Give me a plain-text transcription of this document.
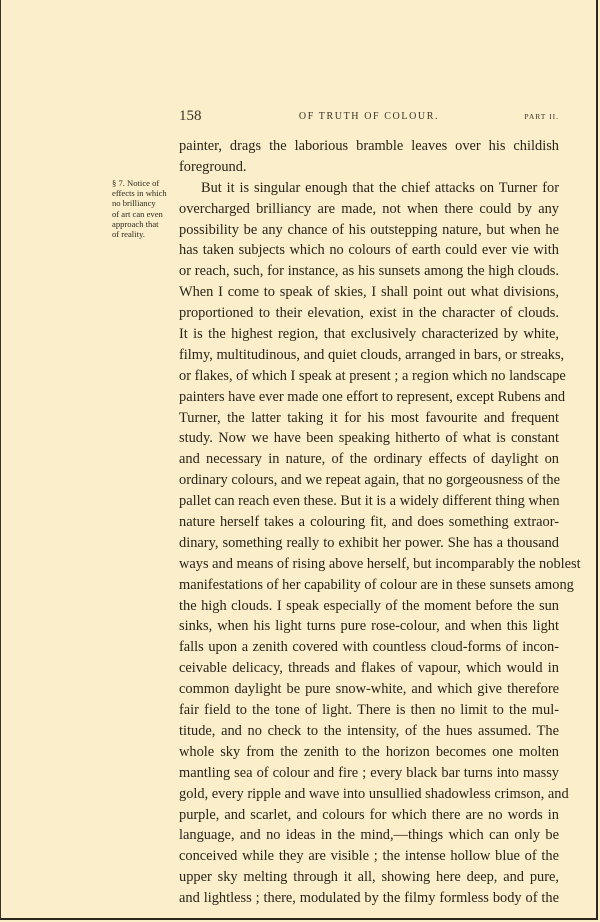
158	OF TRUTH OF COLOUR.	PART II.
§ 7. Notice of
effects in which
no brilliancy
of art can even
approach that
of reality.
painter, drags the laborious bramble leaves over his childish
foreground.
But it is singular enough that the chief attacks on Turner for
overcharged brilliancy are made, not when there could by any
possibility be any chance of his outstepping nature, but when he
has taken subjects which no colours of earth could ever vie with
or reach, such, for instance, as his sunsets among the high clouds.
When I come to speak of skies, I shall point out what divisions,
proportioned to their elevation, exist in the character of clouds.
It is the highest region, that exclusively characterized by white,
filmy, multitudinous, and quiet clouds, arranged in bars, or streaks,
or flakes, of which I speak at present ; a region which no landscape
painters have ever made one effort to represent, except Rubens and
Turner, the latter taking it for his most favourite and frequent
study. Now we have been speaking hitherto of what is constant
and necessary in nature, of the ordinary effects of daylight on
ordinary colours, and we repeat again, that no gorgeousness of the
pallet can reach even these. But it is a widely different thing when
nature herself takes a colouring fit, and does something extraor-
dinary, something really to exhibit her power. She has a thousand
ways and means of rising above herself, but incomparably the noblest
manifestations of her capability of colour are in these sunsets among
the high clouds. I speak especially of the moment before the sun
sinks, when his light turns pure rose-colour, and when this light
falls upon a zenith covered with countless cloud-forms of incon-
ceivable delicacy, threads and flakes of vapour, which would in
common daylight be pure snow-white, and which give therefore
fair field to the tone of light. There is then no limit to the mul-
titude, and no check to the intensity, of the hues assumed. The
whole sky from the zenith to the horizon becomes one molten
mantling sea of colour and fire ; every black bar turns into massy
gold, every ripple and wave into unsullied shadowless crimson, and
purple, and scarlet, and colours for which there are no words in
language, and no ideas in the mind,—things which can only be
conceived while they are visible ; the intense hollow blue of the
upper sky melting through it all, showing here deep, and pure,
and lightless ; there, modulated by the filmy formless body of the
